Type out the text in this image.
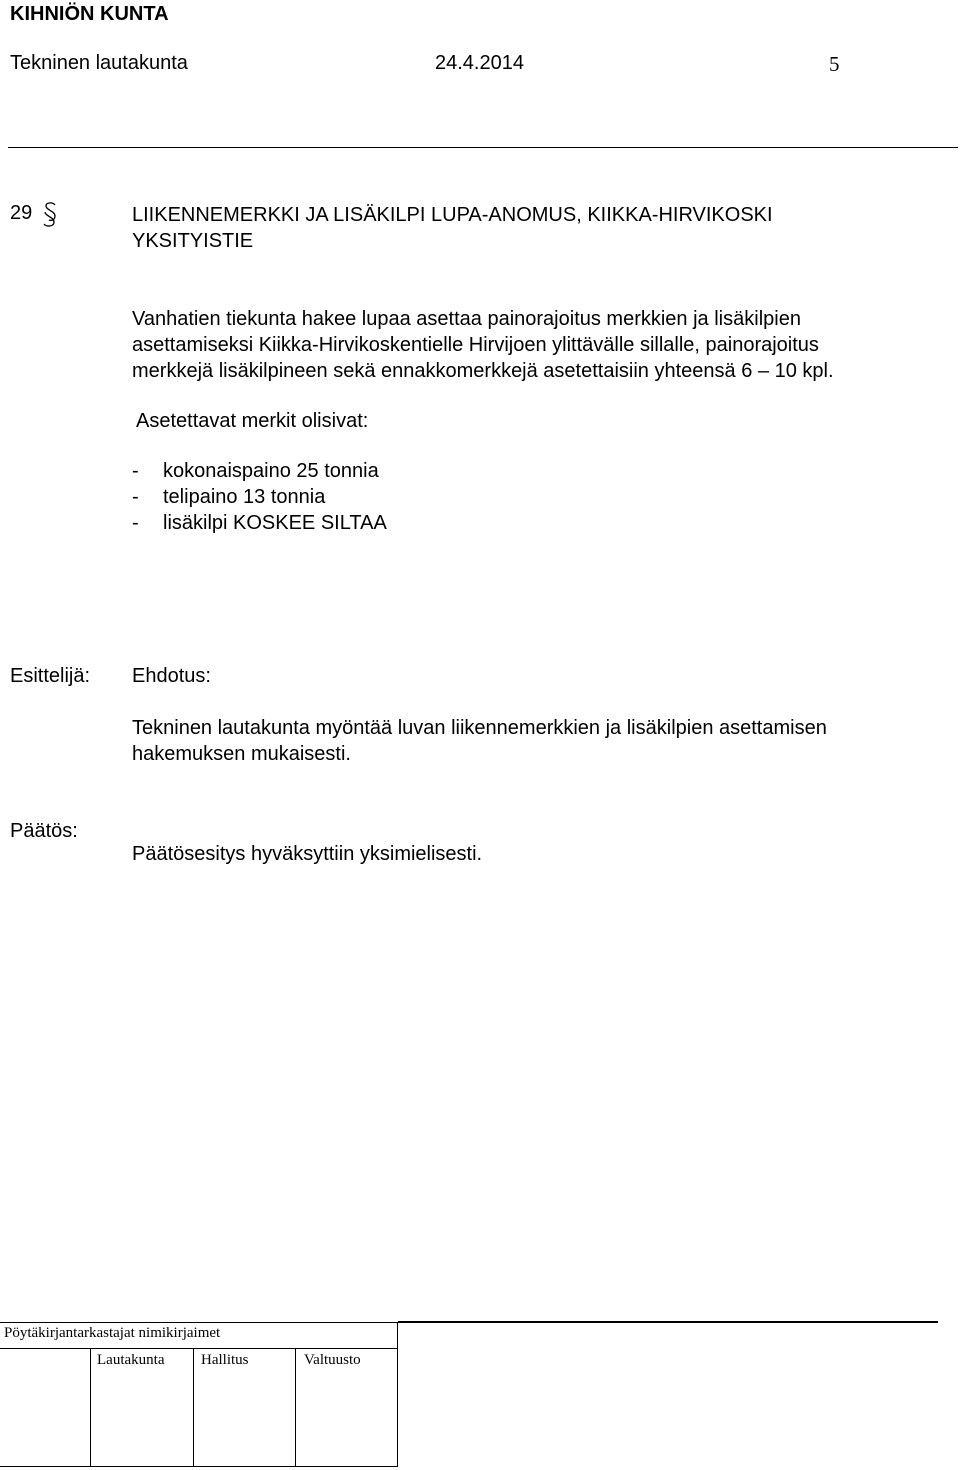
KIHNIÖN KUNTA
Tekninen lautakunta	24.4.2014	5
29	LIIKENNEMERKKI JA LISÄKILPI LUPA-ANOMUS, KIIKKA-HIRVIKOSKI
YKSITYISTIE
Vanhatien tiekunta hakee lupaa asettaa painorajoitus merkkien ja lisäkilpien
asettamiseksi Kiikka-Hirvikoskentielle Hirvijoen ylittävälle sillalle, painorajoitus
merkkejä lisäkilpineen sekä ennakkomerkkejä asetettaisiin yhteensä 6 – 10 kpl.
Asetettavat merkit olisivat:
- kokonaispaino 25 tonnia
- telipaino 13 tonnia
- lisäkilpi KOSKEE SILTAA
Esittelijä: Ehdotus:
Tekninen lautakunta myöntää luvan liikennemerkkien ja lisäkilpien asettamisen
hakemuksen mukaisesti.
Päätös:
Päätösesitys hyväksyttiin yksimielisesti.
Pöytäkirjantarkastajat nimikirjaimet
Lautakunta Hallitus	Valtuusto
